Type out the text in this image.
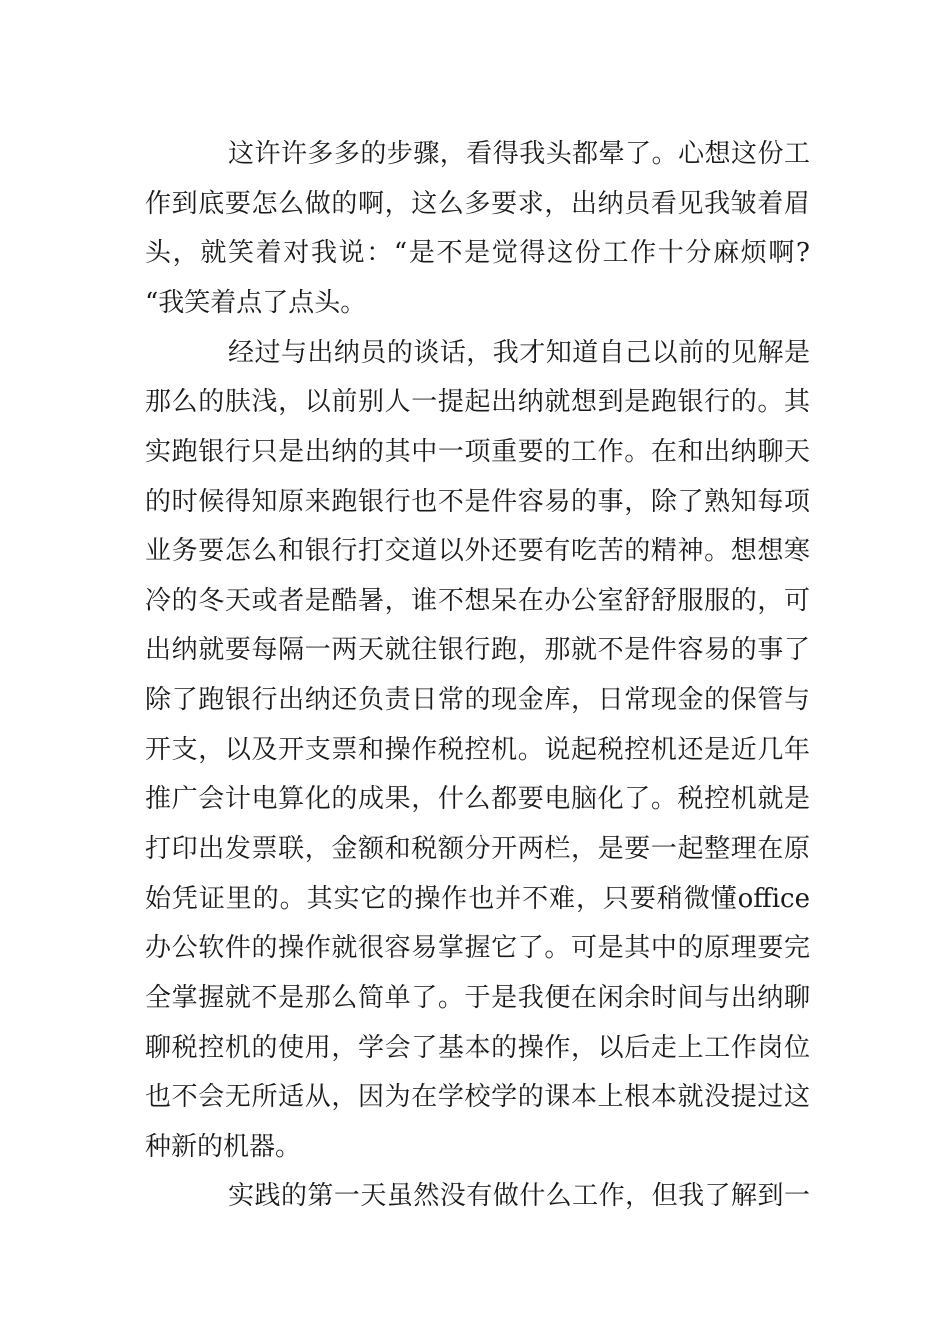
这许许多多的步骤，看得我头都晕了。心想这份工
作到底要怎么做的啊，这么多要求，出纳员看见我皱着眉
头，就笑着对我说：“是不是觉得这份工作十分麻烦啊?
“我笑着点了点头。
经过与出纳员的谈话，我才知道自己以前的见解是
那么的肤浅，以前别人一提起出纳就想到是跑银行的。其
实跑银行只是出纳的其中一项重要的工作。在和出纳聊天
的时候得知原来跑银行也不是件容易的事，除了熟知每项
业务要怎么和银行打交道以外还要有吃苦的精神。想想寒
冷的冬天或者是酷暑，谁不想呆在办公室舒舒服服的，可
出纳就要每隔一两天就往银行跑，那就不是件容易的事了
除了跑银行出纳还负责日常的现金库，日常现金的保管与
开支，以及开支票和操作税控机。说起税控机还是近几年
推广会计电算化的成果，什么都要电脑化了。税控机就是
打印出发票联，金额和税额分开两栏，是要一起整理在原
始凭证里的。其实它的操作也并不难，只要稍微懂office
办公软件的操作就很容易掌握它了。可是其中的原理要完
全掌握就不是那么简单了。于是我便在闲余时间与出纳聊
聊税控机的使用，学会了基本的操作，以后走上工作岗位
也不会无所适从，因为在学校学的课本上根本就没提过这
种新的机器。
实践的第一天虽然没有做什么工作，但我了解到一
